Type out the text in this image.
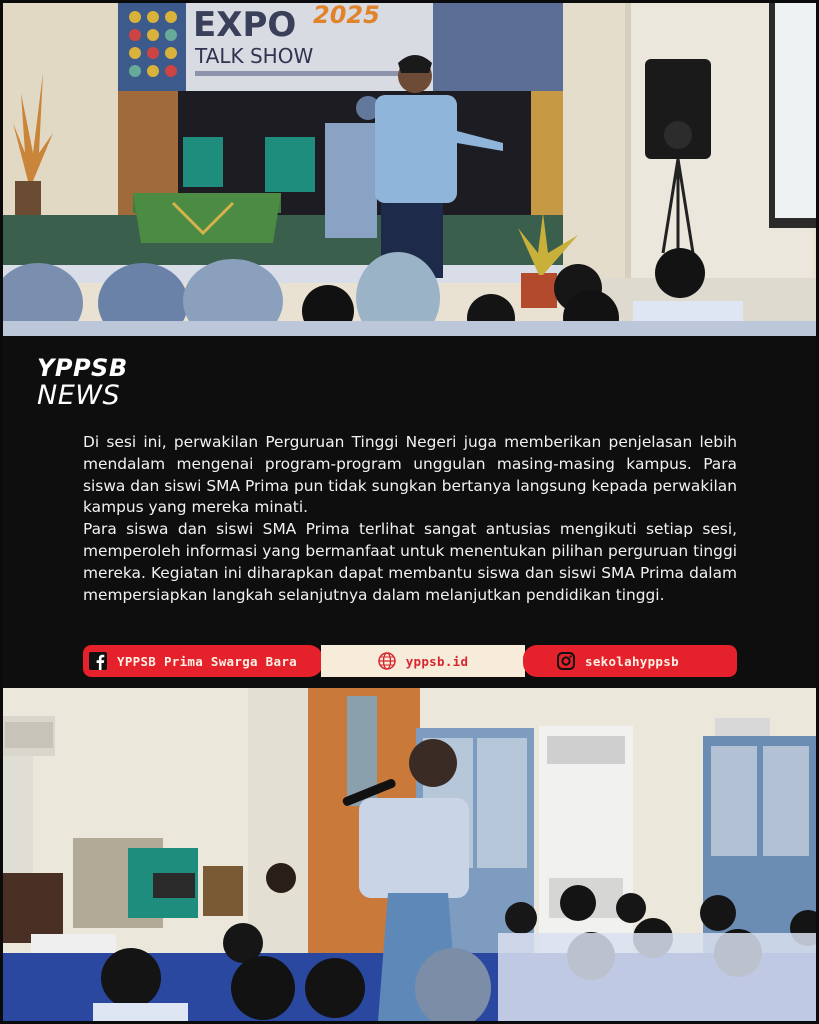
EXPO 2025
TALK SHOW
YPPSB
NEWS

Di sesi ini, perwakilan Perguruan Tinggi Negeri juga memberikan penjelasan lebih mendalam mengenai program-program unggulan masing-masing kampus. Para siswa dan siswi SMA Prima pun tidak sungkan bertanya langsung kepada perwakilan kampus yang mereka minati.

Para siswa dan siswi SMA Prima terlihat sangat antusias mengikuti setiap sesi, memperoleh informasi yang bermanfaat untuk menentukan pilihan perguruan tinggi mereka. Kegiatan ini diharapkan dapat membantu siswa dan siswi SMA Prima dalam mempersiapkan langkah selanjutnya dalam melanjutkan pendidikan tinggi.

YPPSB Prima Swarga Bara	yppsb.id	sekolahyppsb
